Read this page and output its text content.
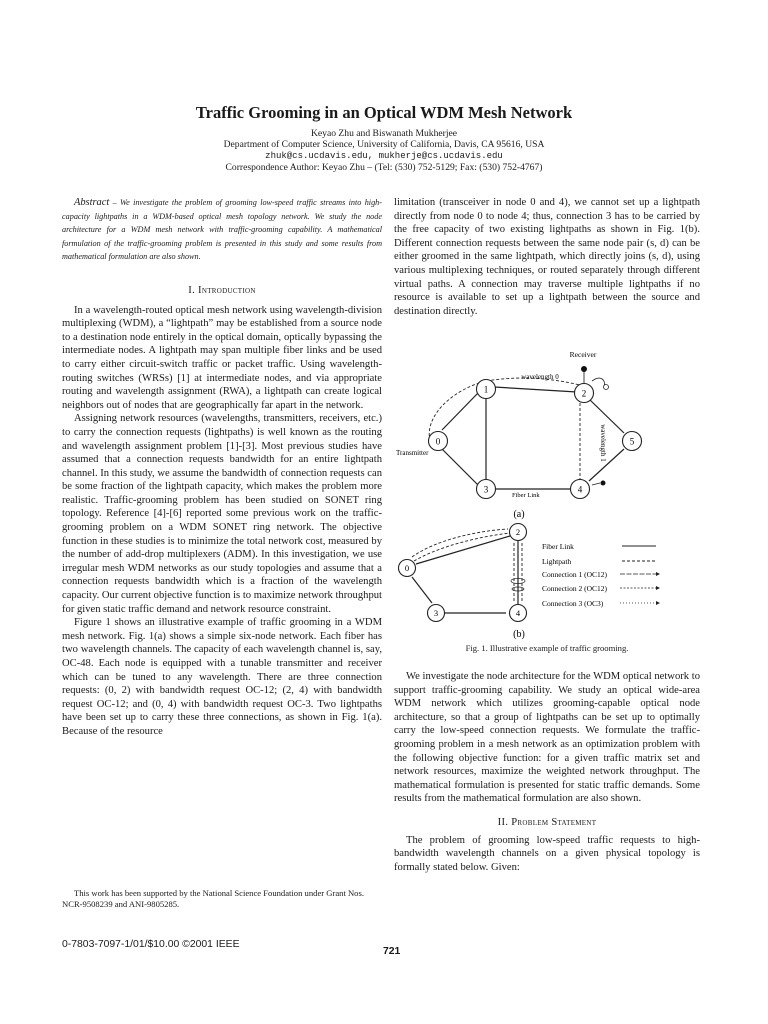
Traffic Grooming in an Optical WDM Mesh Network
Keyao Zhu and Biswanath Mukherjee
Department of Computer Science, University of California, Davis, CA 95616, USA
zhuk@cs.ucdavis.edu, mukherje@cs.ucdavis.edu
Correspondence Author: Keyao Zhu – (Tel: (530) 752-5129; Fax: (530) 752-4767)

Abstract – We investigate the problem of grooming low-speed traffic streams into high-capacity lightpaths in a WDM-based optical mesh topology network. We study the node architecture for a WDM mesh network with traffic-grooming capability. A mathematical formulation of the traffic-grooming problem is presented in this study and some results from mathematical formulation are also shown.

I. Introduction

In a wavelength-routed optical mesh network using wavelength-division multiplexing (WDM), a “lightpath” may be established from a source node to a destination node entirely in the optical domain, optically bypassing the intermediate nodes. A lightpath may span multiple fiber links and be used to carry either circuit-switch traffic or packet traffic. Using wavelength-routing switches (WRSs) [1] at intermediate nodes, and via appropriate routing and wavelength assignment (RWA), a lightpath can create logical neighbors out of nodes that are geographically far apart in the network.

Assigning network resources (wavelengths, transmitters, receivers, etc.) to carry the connection requests (lightpaths) is well known as the routing and wavelength assignment problem [1]-[3]. Most previous studies have assumed that a connection requests bandwidth for an entire lightpath channel. In this study, we assume the bandwidth of connection requests can be some fraction of the lightpath capacity, which makes the problem more realistic. Traffic-grooming problem has been studied on SONET ring topology. Reference [4]-[6] reported some previous work on the traffic-grooming problem on a WDM SONET ring network. The objective function in these studies is to minimize the total network cost, measured by the number of add-drop multiplexers (ADM). In this investigation, we use irregular mesh WDM networks as our study topologies and assume that a connection requests bandwidth which is a fraction of the wavelength capacity. Our current objective function is to maximize network throughput for given static traffic demand and network resource constraint.

Figure 1 shows an illustrative example of traffic grooming in a WDM mesh network. Fig. 1(a) shows a simple six-node network. Each fiber has two wavelength channels. The capacity of each wavelength channel is, say, OC-48. Each node is equipped with a tunable transmitter and receiver which can be tuned to any wavelength. There are three connection requests: (0, 2) with bandwidth request OC-12; (2, 4) with bandwidth request OC-12; and (0, 4) with bandwidth request OC-3. Two lightpaths have been set up to carry these three connections, as shown in Fig. 1(a). Because of the resource

This work has been supported by the National Science Foundation under Grant Nos. NCR-9508239 and ANI-9805285.

limitation (transceiver in node 0 and 4), we cannot set up a lightpath directly from node 0 to node 4; thus, connection 3 has to be carried by the free capacity of two existing lightpaths as shown in Fig. 1(b). Different connection requests between the same node pair (s, d) can be either groomed in the same lightpath, which directly joins (s, d), using various multiplexing techniques, or routed separately through different virtual paths. A connection may traverse multiple lightpaths if no resource is available to set up a lightpath between the source and destination directly.

Receiver
wavelength 0
wavelength 1
1	2
0	5
3	4
Transmitter
Fiber Link
(a)
2
0
3	4
Fiber Link
Lightpath
Connection 1 (OC12)
Connection 2 (OC12)
Connection 3 (OC3)
(b)
Fig. 1. Illustrative example of traffic grooming.

We investigate the node architecture for the WDM optical network to support traffic-grooming capability. We study an optical wide-area WDM network which utilizes grooming-capable optical node architecture, so that a group of lightpaths can be set up to optimally carry the low-speed connection requests. We formulate the traffic-grooming problem in a mesh network as an optimization problem with the following objective function: for a given traffic matrix set and network resources, maximize the weighted network throughput. The mathematical formulation is presented for static traffic demands. Some results from the mathematical formulation are also shown.

II. Problem Statement

The problem of grooming low-speed traffic requests to high-bandwidth wavelength channels on a given physical topology is formally stated below. Given:

0-7803-7097-1/01/$10.00 ©2001 IEEE
721
